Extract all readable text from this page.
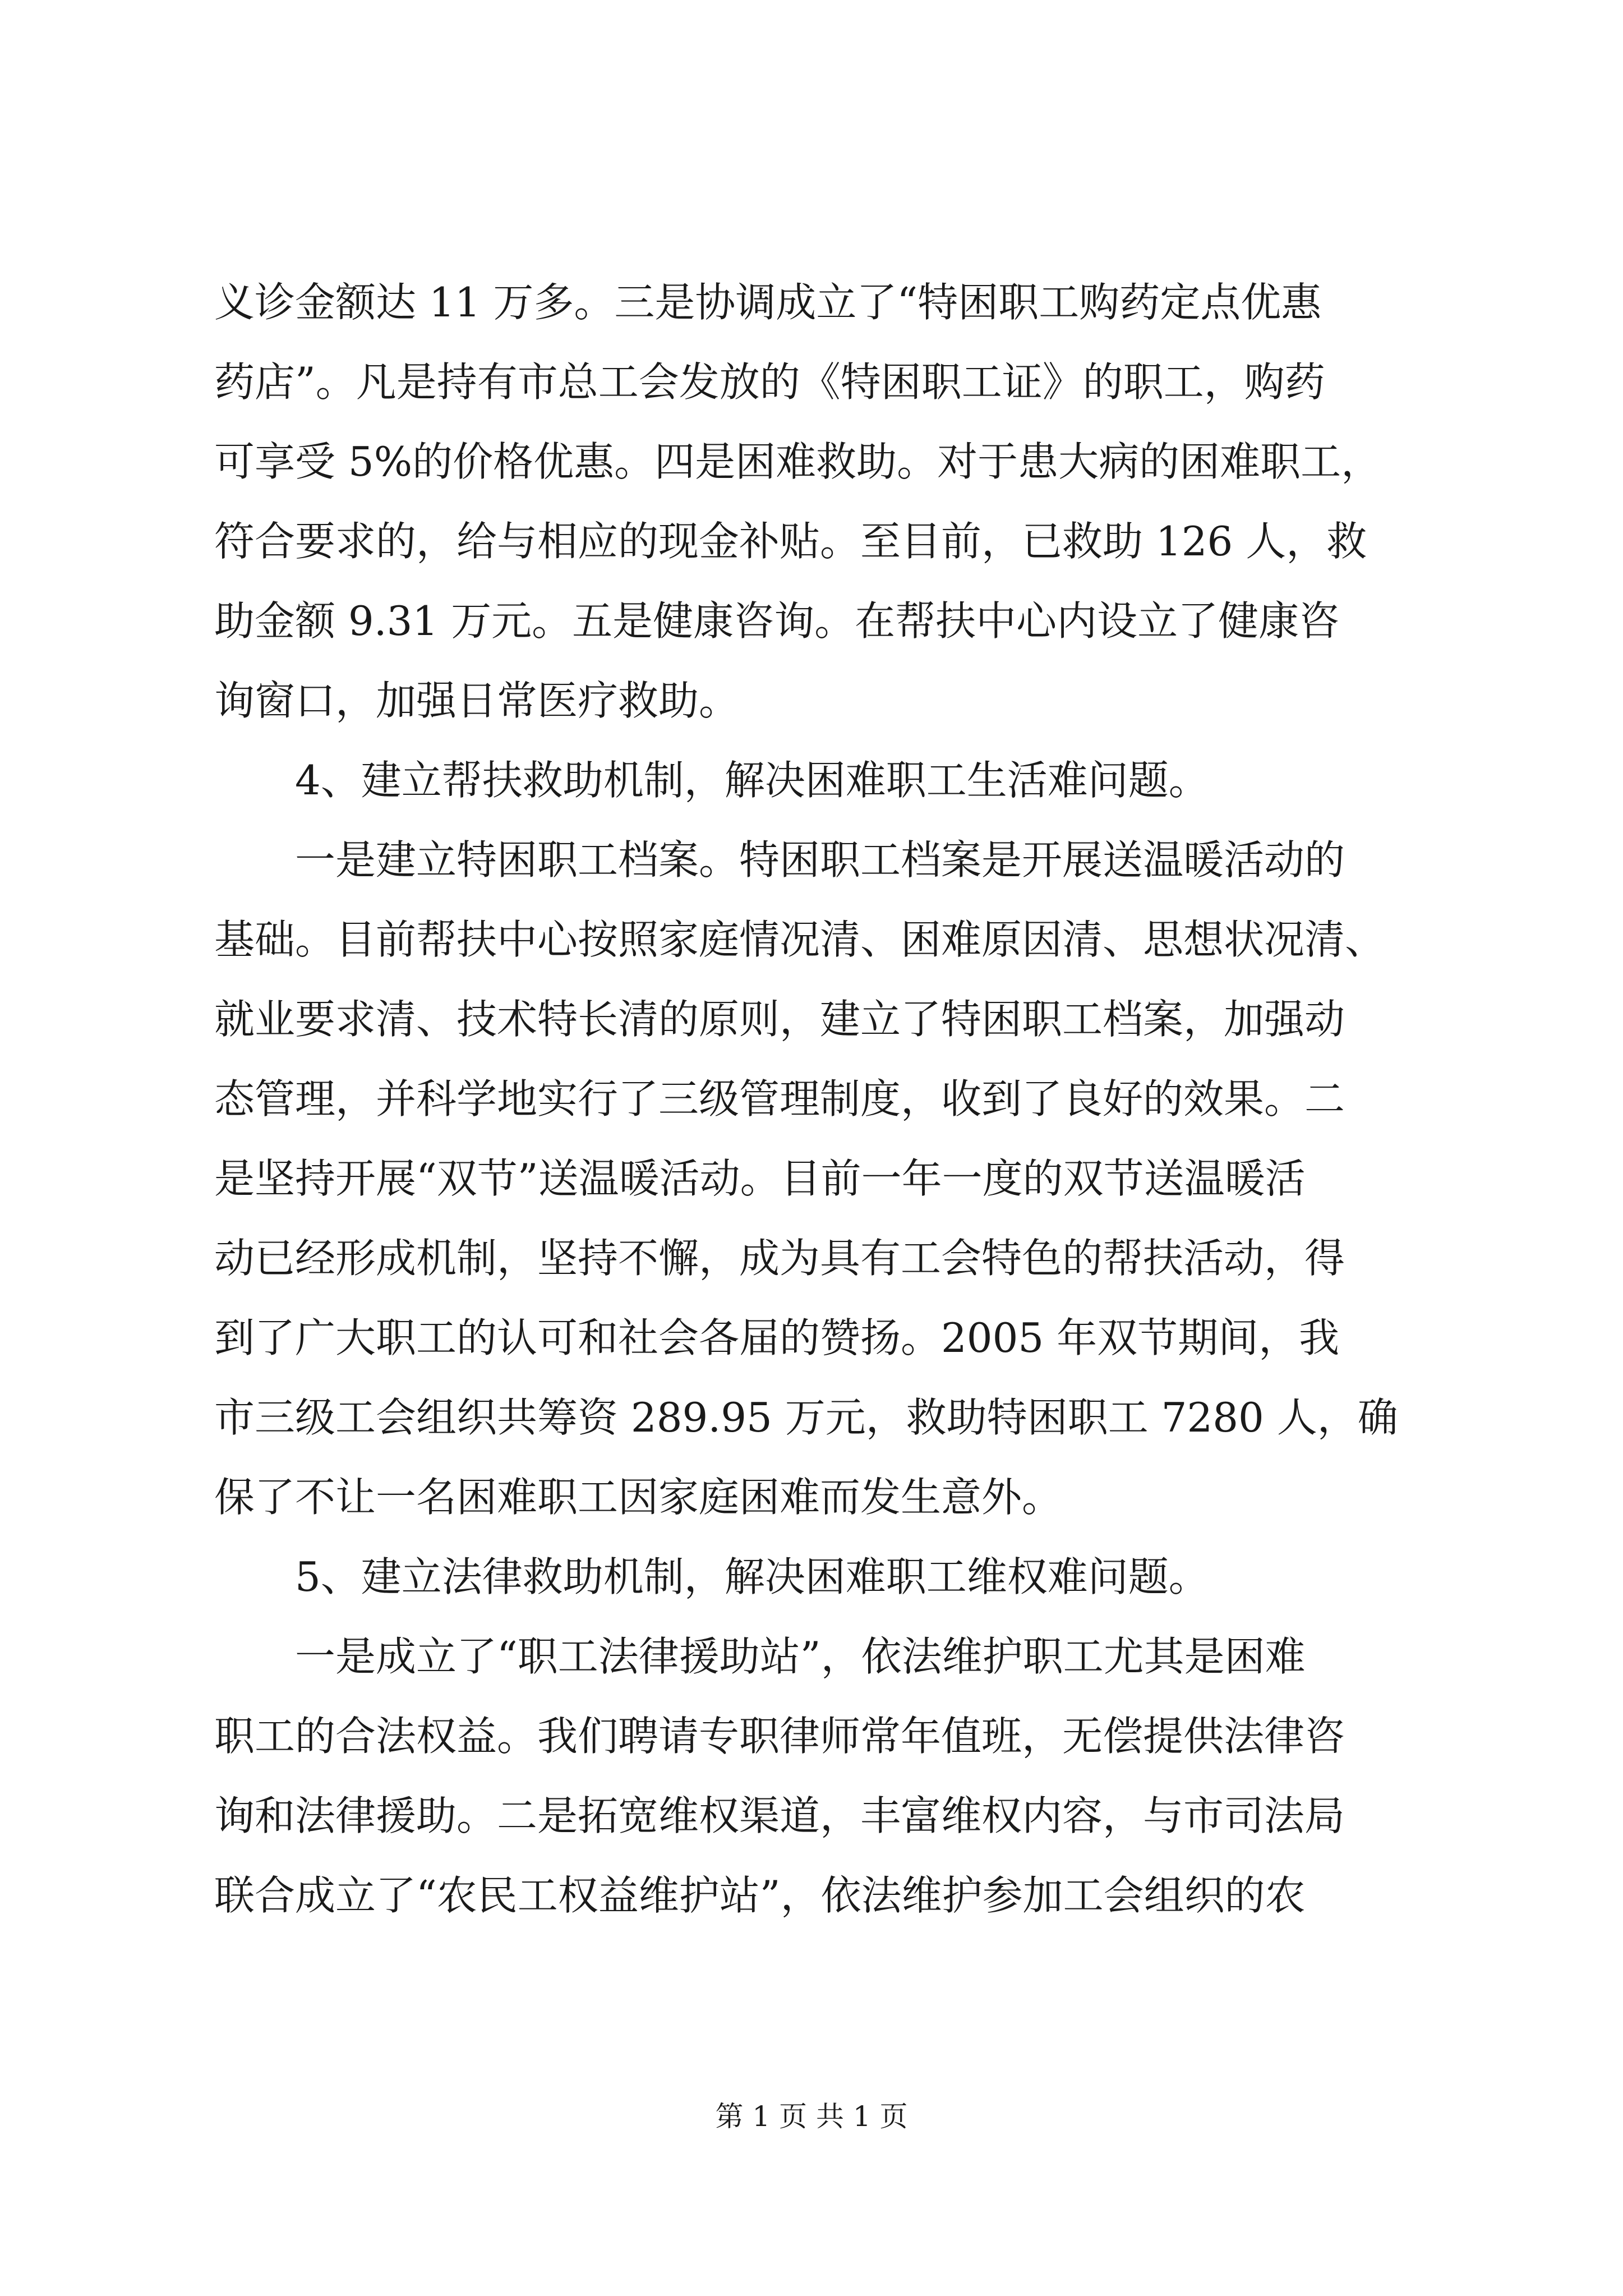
义诊金额达 11 万多。三是协调成立了“特困职工购药定点优惠
药店”。凡是持有市总工会发放的《特困职工证》的职工，购药
可享受 5%的价格优惠。四是困难救助。对于患大病的困难职工，
符合要求的，给与相应的现金补贴。至目前，已救助 126 人，救
助金额 9.31 万元。五是健康咨询。在帮扶中心内设立了健康咨
询窗口，加强日常医疗救助。
　　4、建立帮扶救助机制，解决困难职工生活难问题。
　　一是建立特困职工档案。特困职工档案是开展送温暖活动的
基础。目前帮扶中心按照家庭情况清、困难原因清、思想状况清、
就业要求清、技术特长清的原则，建立了特困职工档案，加强动
态管理，并科学地实行了三级管理制度，收到了良好的效果。二
是坚持开展“双节”送温暖活动。目前一年一度的双节送温暖活
动已经形成机制，坚持不懈，成为具有工会特色的帮扶活动，得
到了广大职工的认可和社会各届的赞扬。2005 年双节期间，我
市三级工会组织共筹资 289.95 万元，救助特困职工 7280 人，确
保了不让一名困难职工因家庭困难而发生意外。
　　5、建立法律救助机制，解决困难职工维权难问题。
　　一是成立了“职工法律援助站”，依法维护职工尤其是困难
职工的合法权益。我们聘请专职律师常年值班，无偿提供法律咨
询和法律援助。二是拓宽维权渠道，丰富维权内容，与市司法局
联合成立了“农民工权益维护站”，依法维护参加工会组织的农
第 1 页 共 1 页
